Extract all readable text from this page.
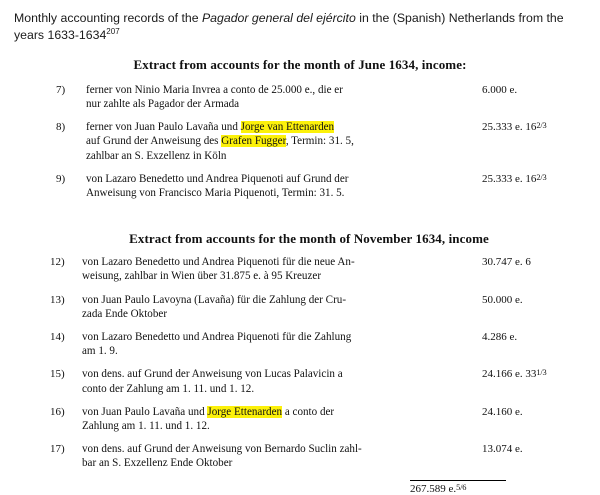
Monthly accounting records of the Pagador general del ejército in the (Spanish) Netherlands from the years 1633-1634$^{207}$

Extract from accounts for the month of June 1634, income:
7)	ferner von Ninio Maria Invrea a conto de 25.000 e., die er
nur zahlte als Pagador der Armada	6.000 e.
8)	ferner von Juan Paulo Lavaña und Jorge van Ettenarden
auf Grund der Anweisung des Grafen Fugger, Termin: 31. 5,
zahlbar an S. Exzellenz in Köln	25.333 e. 162/3
9)	von Lazaro Benedetto und Andrea Piquenoti auf Grund der
Anweisung von Francisco Maria Piquenoti, Termin: 31. 5.	25.333 e. 162/3
Extract from accounts for the month of November 1634, income
12)	von Lazaro Benedetto und Andrea Piquenoti für die neue An-
weisung, zahlbar in Wien über 31.875 e. à 95 Kreuzer	30.747 e. 6
13)	von Juan Paulo Lavoyna (Lavaña) für die Zahlung der Cru-
zada Ende Oktober	50.000 e.
14)	von Lazaro Benedetto und Andrea Piquenoti für die Zahlung
am 1. 9.	4.286 e.
15)	von dens. auf Grund der Anweisung von Lucas Palavicin a
conto der Zahlung am 1. 11. und 1. 12.	24.166 e. 331/3
16)	von Juan Paulo Lavaña und Jorge Ettenarden a conto der
Zahlung am 1. 11. und 1. 12.	24.160 e.
17)	von dens. auf Grund der Anweisung von Bernardo Suclin zahl-
bar an S. Exzellenz Ende Oktober	13.074 e.
267.589 e.5/6
